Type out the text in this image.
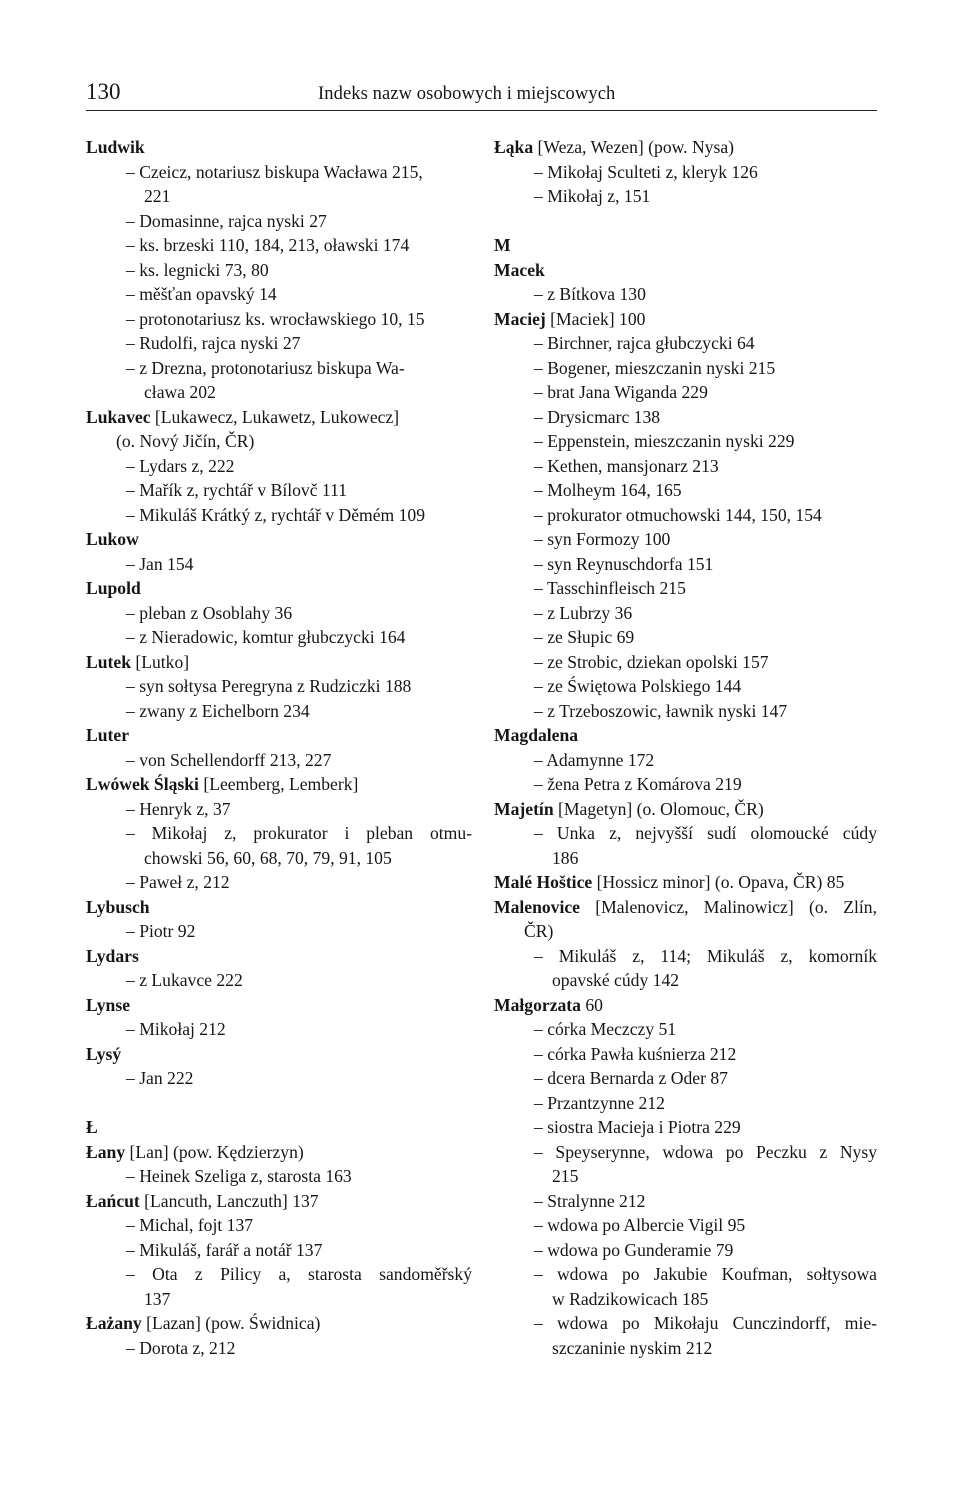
130	Indeks nazw osobowych i miejscowych
Ludwik
– Czeicz, notariusz biskupa Wacława 215,
221
– Domasinne, rajca nyski 27
– ks. brzeski 110, 184, 213, oławski 174
– ks. legnicki 73, 80
– měšťan opavský 14
– protonotariusz ks. wrocławskiego 10, 15
– Rudolfi, rajca nyski 27
– z Drezna, protonotariusz biskupa Wa-
cława 202
Lukavec [Lukawecz, Lukawetz, Lukowecz]
(o. Nový Jičín, ČR)
– Lydars z, 222
– Mařík z, rychtář v Bílovč 111
– Mikuláš Krátký z, rychtář v Děmém 109
Lukow
– Jan 154
Lupold
– pleban z Osoblahy 36
– z Nieradowic, komtur głubczycki 164
Lutek [Lutko]
– syn sołtysa Peregryna z Rudziczki 188
– zwany z Eichelborn 234
Luter
– von Schellendorff 213, 227
Lwówek Śląski [Leemberg, Lemberk]
– Henryk z, 37
– Mikołaj z, prokurator i pleban otmu-
chowski 56, 60, 68, 70, 79, 91, 105
– Paweł z, 212
Lybusch
– Piotr 92
Lydars
– z Lukavce 222
Lynse
– Mikołaj 212
Lysý
– Jan 222
Ł
Łany [Lan] (pow. Kędzierzyn)
– Heinek Szeliga z, starosta 163
Łańcut [Lancuth, Lanczuth] 137
– Michal, fojt 137
– Mikuláš, farář a notář 137
– Ota z Pilicy a, starosta sandoměřský
137
Łażany [Lazan] (pow. Świdnica)
– Dorota z, 212
Łąka [Weza, Wezen] (pow. Nysa)
– Mikołaj Sculteti z, kleryk 126
– Mikołaj z, 151
M
Macek
– z Bítkova 130
Maciej [Maciek] 100
– Birchner, rajca głubczycki 64
– Bogener, mieszczanin nyski 215
– brat Jana Wiganda 229
– Drysicmarc 138
– Eppenstein, mieszczanin nyski 229
– Kethen, mansjonarz 213
– Molheym 164, 165
– prokurator otmuchowski 144, 150, 154
– syn Formozy 100
– syn Reynuschdorfa 151
– Tasschinfleisch 215
– z Lubrzy 36
– ze Słupic 69
– ze Strobic, dziekan opolski 157
– ze Świętowa Polskiego 144
– z Trzeboszowic, ławnik nyski 147
Magdalena
– Adamynne 172
– žena Petra z Komárova 219
Majetín [Magetyn] (o. Olomouc, ČR)
– Unka z, nejvyšší sudí olomoucké cúdy
186
Malé Hoštice [Hossicz minor] (o. Opava, ČR) 85
Malenovice [Malenovicz, Malinowicz] (o. Zlín,
ČR)
– Mikuláš z, 114; Mikuláš z, komorník
opavské cúdy 142
Małgorzata 60
– córka Meczczy 51
– córka Pawła kuśnierza 212
– dcera Bernarda z Oder 87
– Przantzynne 212
– siostra Macieja i Piotra 229
– Speyserynne, wdowa po Peczku z Nysy
215
– Stralynne 212
– wdowa po Albercie Vigil 95
– wdowa po Gunderamie 79
– wdowa po Jakubie Koufman, sołtysowa
w Radzikowicach 185
– wdowa po Mikołaju Cunczindorff, mie-
szczaninie nyskim 212
